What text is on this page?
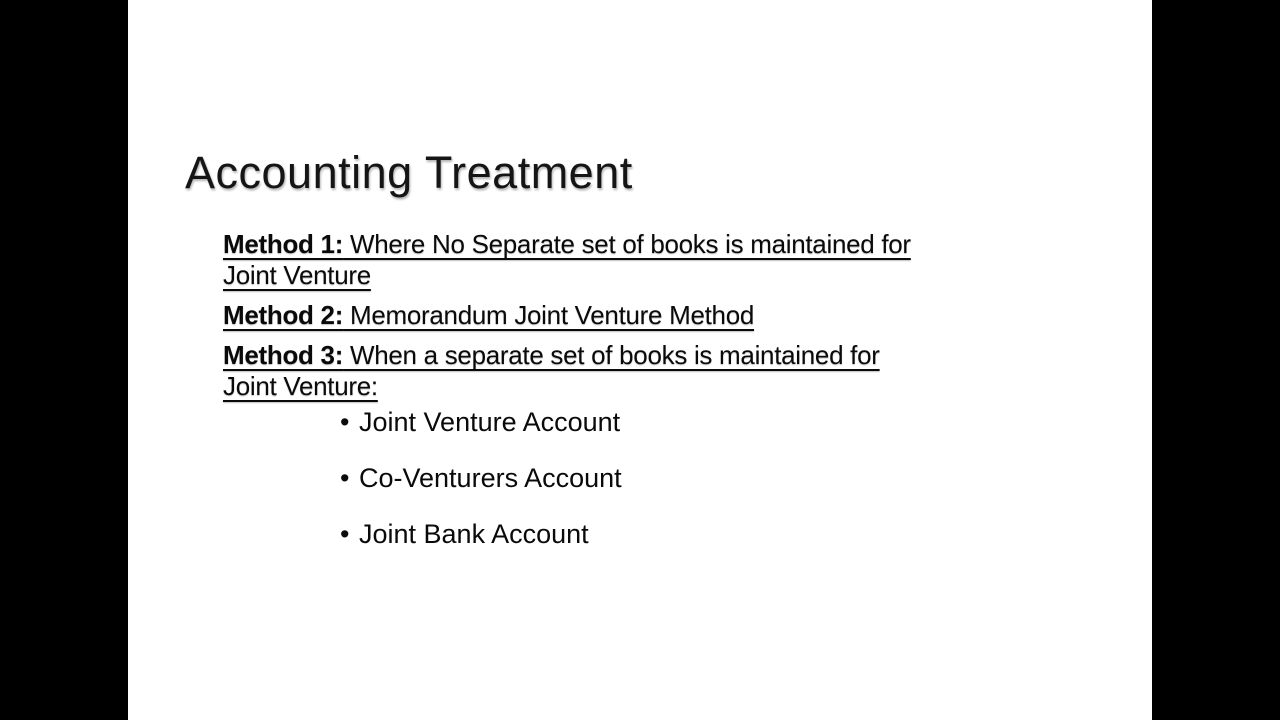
Accounting Treatment
Method 1: Where No Separate set of books is maintained for
Joint Venture
Method 2: Memorandum Joint Venture Method
Method 3: When a separate set of books is maintained for
Joint Venture:
• Joint Venture Account
• Co-Venturers Account
• Joint Bank Account
